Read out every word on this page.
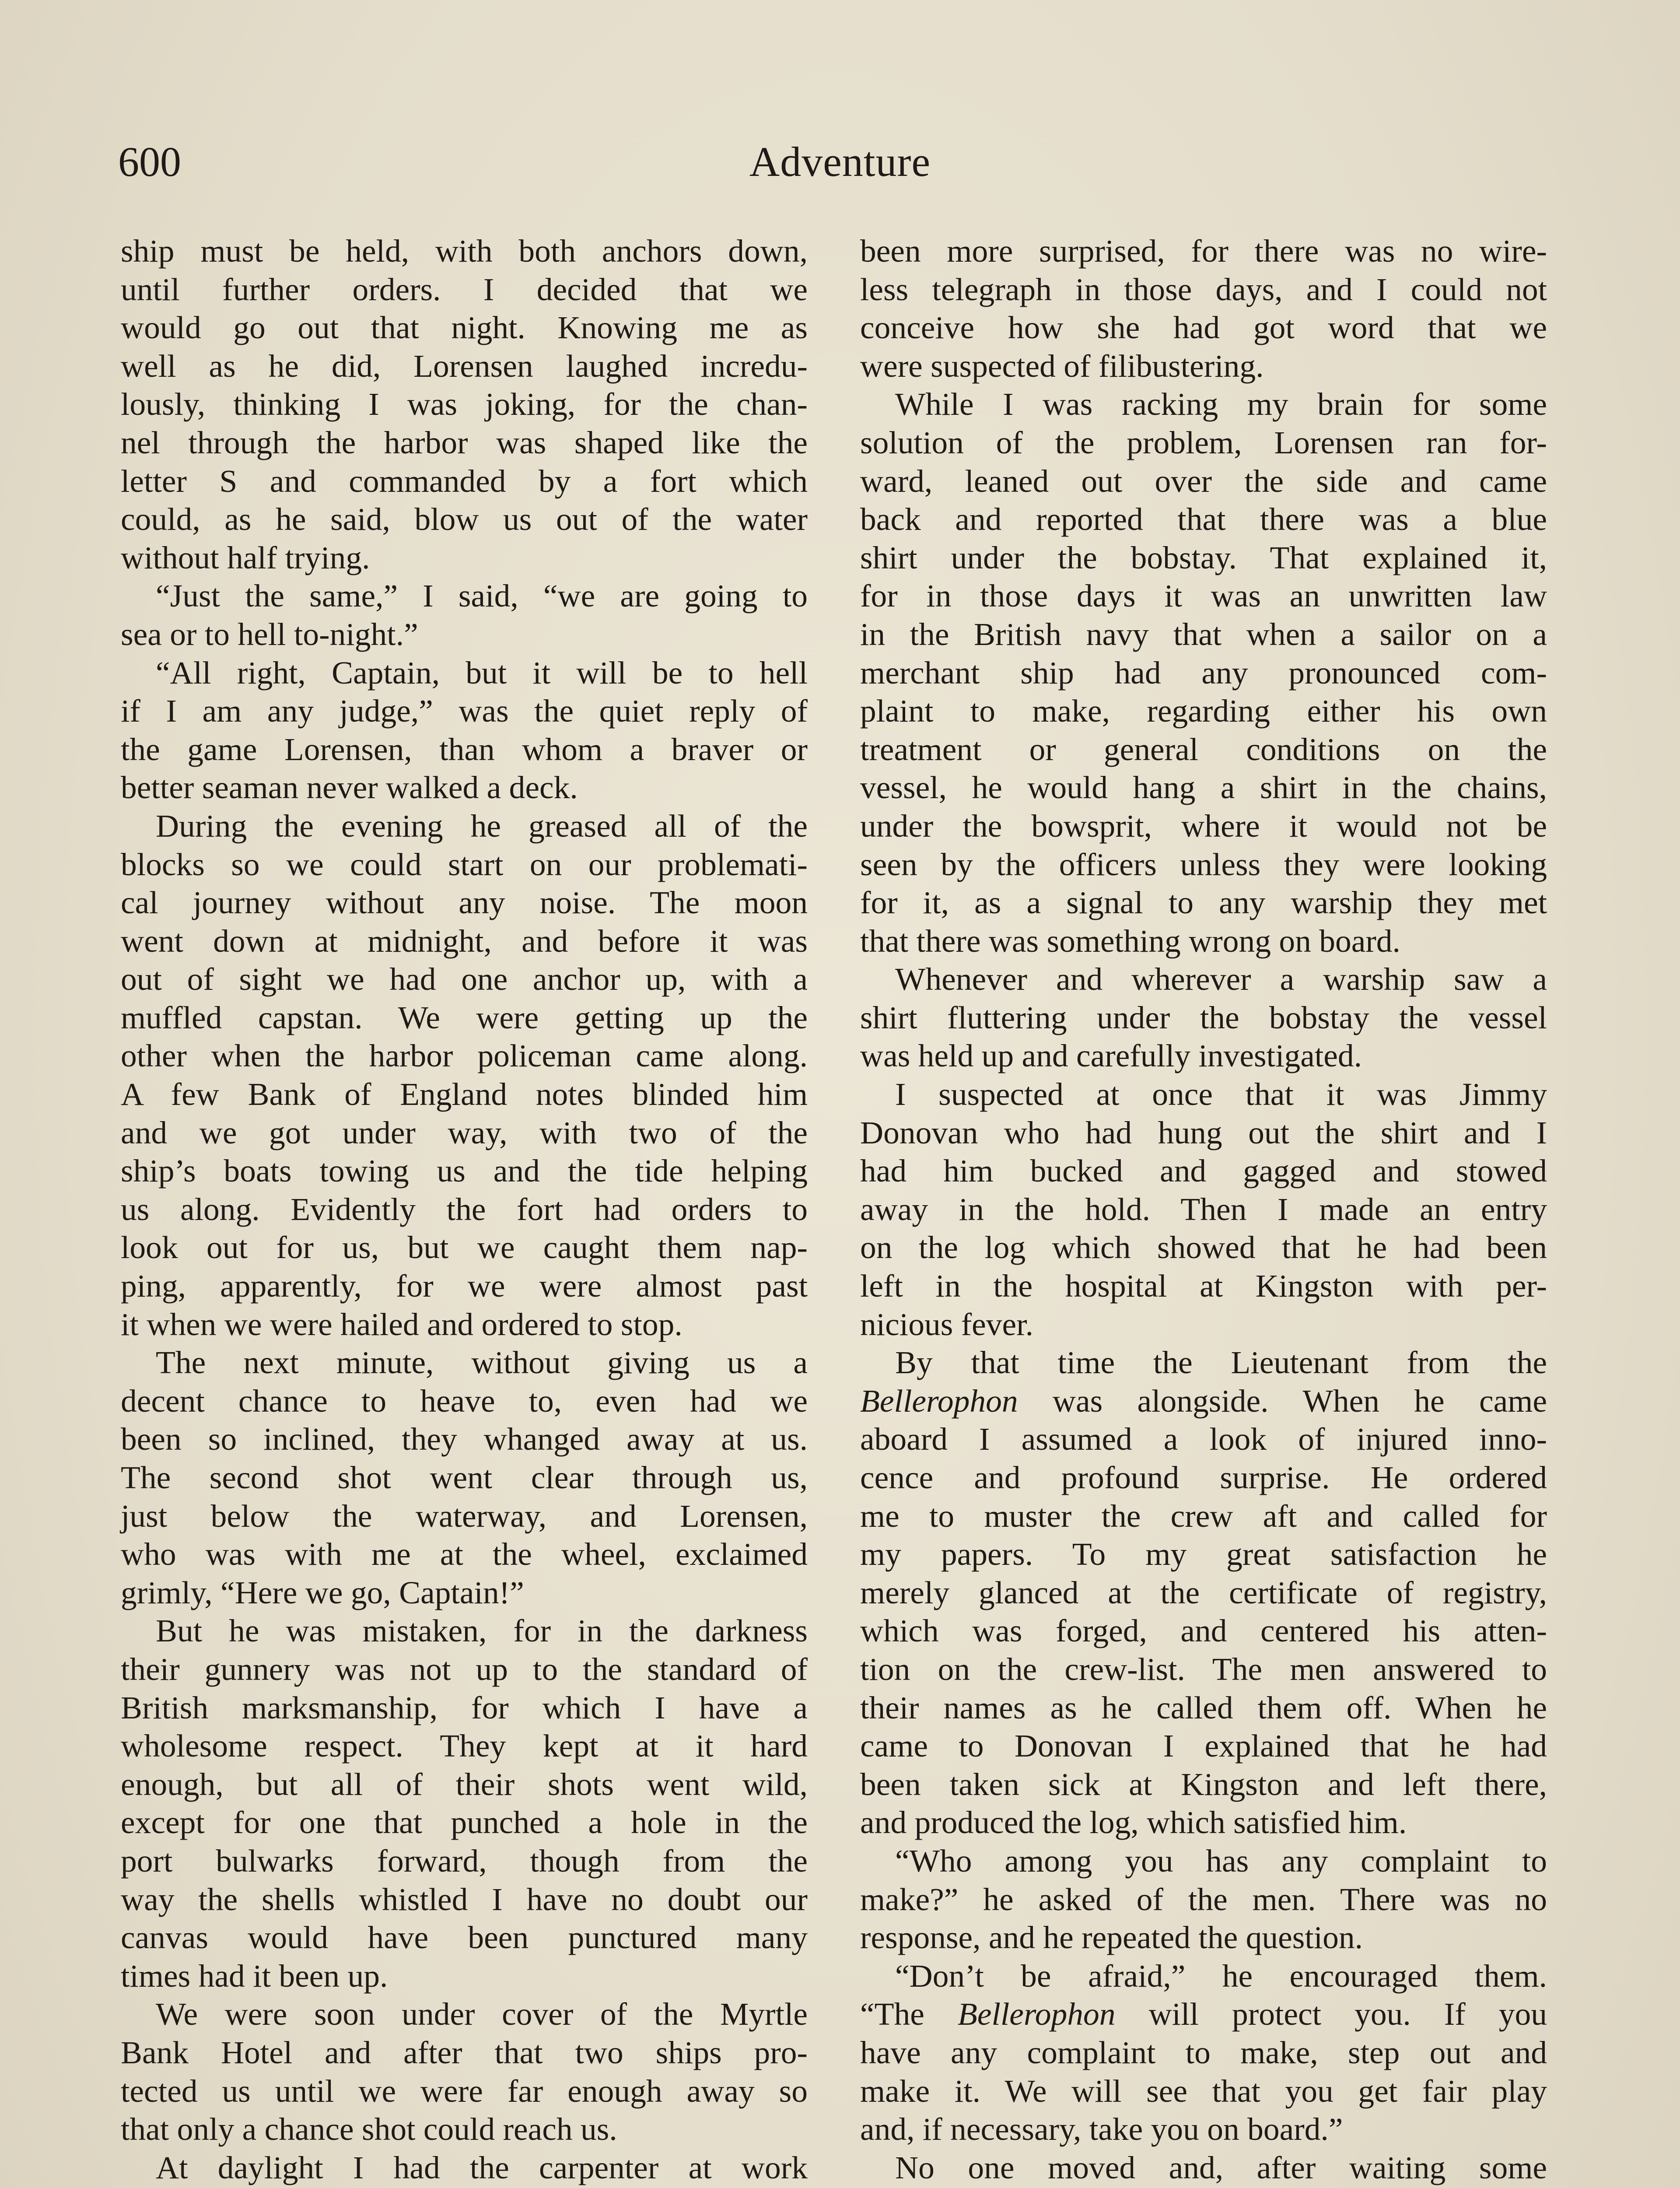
600	Adventure
ship must be held, with both anchors down,
until further orders. I decided that we
would go out that night. Knowing me as
well as he did, Lorensen laughed incredu-
lously, thinking I was joking, for the chan-
nel through the harbor was shaped like the
letter S and commanded by a fort which
could, as he said, blow us out of the water
without half trying.
“Just the same,” I said, “we are going to
sea or to hell to-night.”
“All right, Captain, but it will be to hell
if I am any judge,” was the quiet reply of
the game Lorensen, than whom a braver or
better seaman never walked a deck.
During the evening he greased all of the
blocks so we could start on our problemati-
cal journey without any noise. The moon
went down at midnight, and before it was
out of sight we had one anchor up, with a
muffled capstan. We were getting up the
other when the harbor policeman came along.
A few Bank of England notes blinded him
and we got under way, with two of the
ship’s boats towing us and the tide helping
us along. Evidently the fort had orders to
look out for us, but we caught them nap-
ping, apparently, for we were almost past
it when we were hailed and ordered to stop.
The next minute, without giving us a
decent chance to heave to, even had we
been so inclined, they whanged away at us.
The second shot went clear through us,
just below the waterway, and Lorensen,
who was with me at the wheel, exclaimed
grimly, “Here we go, Captain!”
But he was mistaken, for in the darkness
their gunnery was not up to the standard of
British marksmanship, for which I have a
wholesome respect. They kept at it hard
enough, but all of their shots went wild,
except for one that punched a hole in the
port bulwarks forward, though from the
way the shells whistled I have no doubt our
canvas would have been punctured many
times had it been up.
We were soon under cover of the Myrtle
Bank Hotel and after that two ships pro-
tected us until we were far enough away so
that only a chance shot could reach us.
At daylight I had the carpenter at work
been more surprised, for there was no wire-
less telegraph in those days, and I could not
conceive how she had got word that we
were suspected of filibustering.
While I was racking my brain for some
solution of the problem, Lorensen ran for-
ward, leaned out over the side and came
back and reported that there was a blue
shirt under the bobstay. That explained it,
for in those days it was an unwritten law
in the British navy that when a sailor on a
merchant ship had any pronounced com-
plaint to make, regarding either his own
treatment or general conditions on the
vessel, he would hang a shirt in the chains,
under the bowsprit, where it would not be
seen by the officers unless they were looking
for it, as a signal to any warship they met
that there was something wrong on board.
Whenever and wherever a warship saw a
shirt fluttering under the bobstay the vessel
was held up and carefully investigated.
I suspected at once that it was Jimmy
Donovan who had hung out the shirt and I
had him bucked and gagged and stowed
away in the hold. Then I made an entry
on the log which showed that he had been
left in the hospital at Kingston with per-
nicious fever.
By that time the Lieutenant from the
Bellerophon was alongside. When he came
aboard I assumed a look of injured inno-
cence and profound surprise. He ordered
me to muster the crew aft and called for
my papers. To my great satisfaction he
merely glanced at the certificate of registry,
which was forged, and centered his atten-
tion on the crew-list. The men answered to
their names as he called them off. When he
came to Donovan I explained that he had
been taken sick at Kingston and left there,
and produced the log, which satisfied him.
“Who among you has any complaint to
make?” he asked of the men. There was no
response, and he repeated the question.
“Don’t be afraid,” he encouraged them.
“The Bellerophon will protect you. If you
have any complaint to make, step out and
make it. We will see that you get fair play
and, if necessary, take you on board.”
No one moved and, after waiting some
